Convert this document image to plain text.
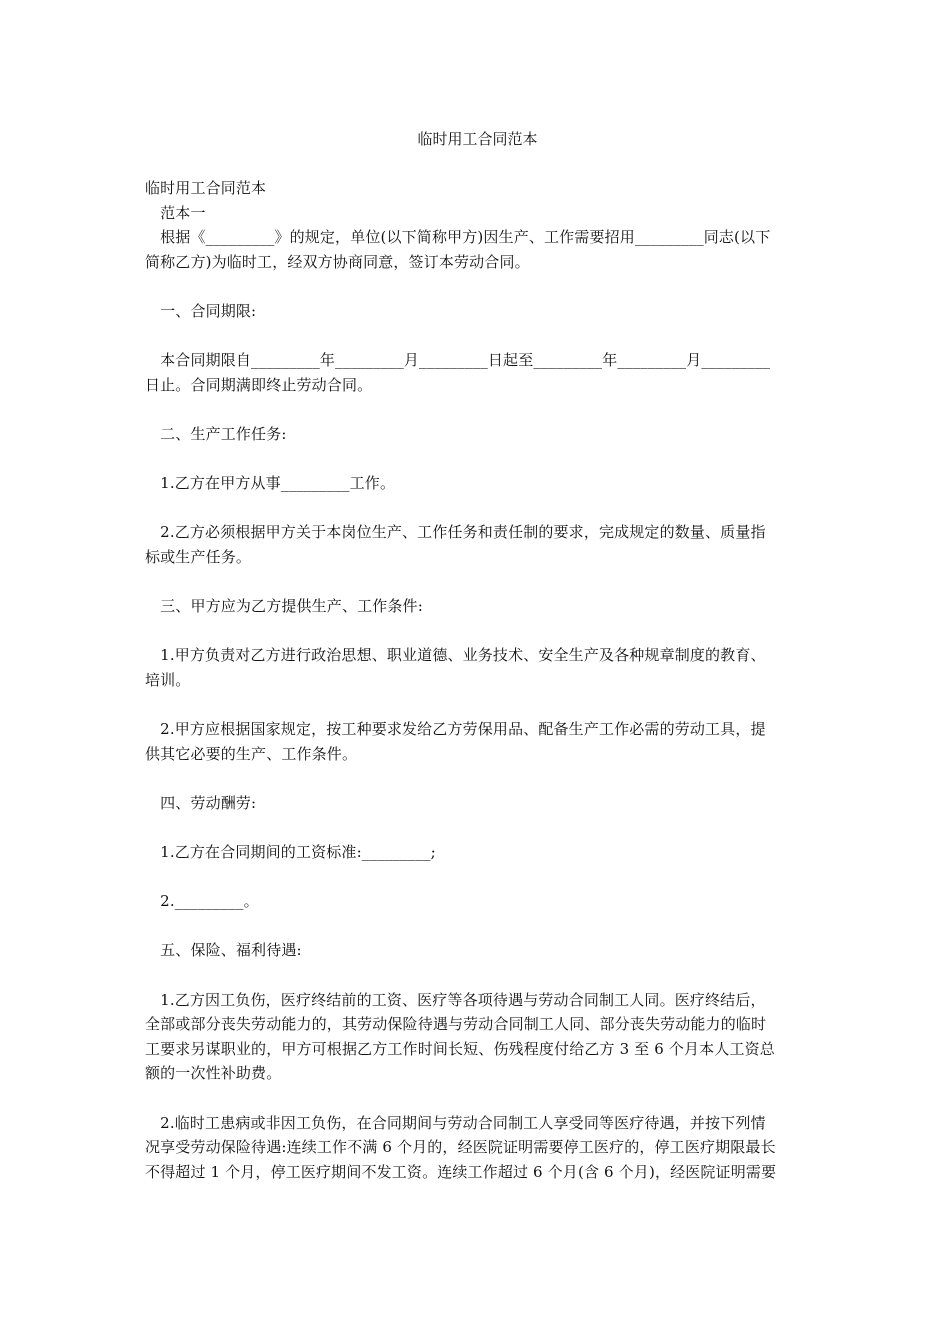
临时用工合同范本
临时用工合同范本
　范本一
　根据《_________》的规定，单位(以下简称甲方)因生产、工作需要招用_________同志(以下
简称乙方)为临时工，经双方协商同意，签订本劳动合同。
　一、合同期限:
　本合同期限自_________年_________月_________日起至_________年_________月_________
日止。合同期满即终止劳动合同。
　二、生产工作任务:
　1.乙方在甲方从事_________工作。
　2.乙方必须根据甲方关于本岗位生产、工作任务和责任制的要求，完成规定的数量、质量指
标或生产任务。
　三、甲方应为乙方提供生产、工作条件:
　1.甲方负责对乙方进行政治思想、职业道德、业务技术、安全生产及各种规章制度的教育、
培训。
　2.甲方应根据国家规定，按工种要求发给乙方劳保用品、配备生产工作必需的劳动工具，提
供其它必要的生产、工作条件。
　四、劳动酬劳:
　1.乙方在合同期间的工资标准:_________;
　2._________。
　五、保险、福利待遇:
　1.乙方因工负伤，医疗终结前的工资、医疗等各项待遇与劳动合同制工人同。医疗终结后，
全部或部分丧失劳动能力的，其劳动保险待遇与劳动合同制工人同、部分丧失劳动能力的临时
工要求另谋职业的，甲方可根据乙方工作时间长短、伤残程度付给乙方 3 至 6 个月本人工资总
额的一次性补助费。
　2.临时工患病或非因工负伤，在合同期间与劳动合同制工人享受同等医疗待遇，并按下列情
况享受劳动保险待遇:连续工作不满 6 个月的，经医院证明需要停工医疗的，停工医疗期限最长
不得超过 1 个月，停工医疗期间不发工资。连续工作超过 6 个月(含 6 个月)，经医院证明需要
